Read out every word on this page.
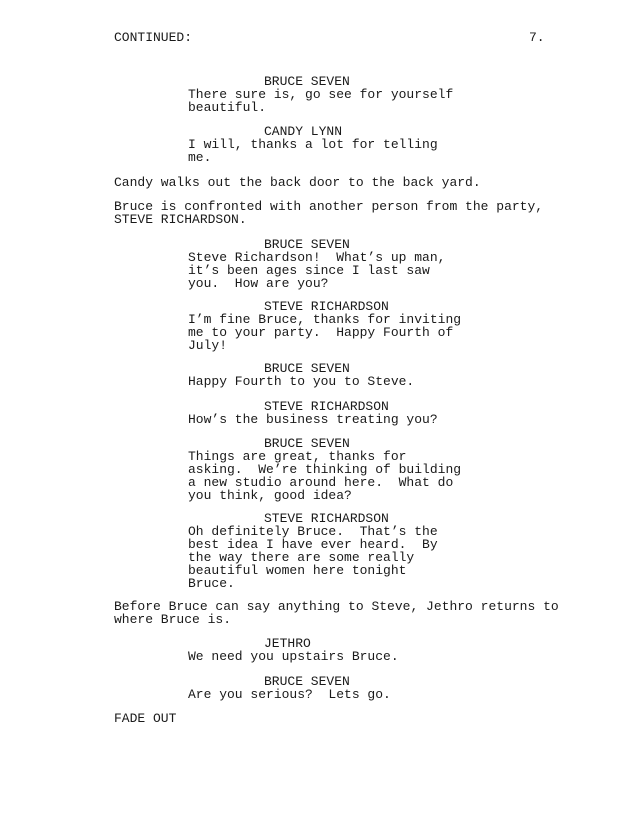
CONTINUED:	7.
BRUCE SEVEN
There sure is, go see for yourself
beautiful.
CANDY LYNN
I will, thanks a lot for telling
me.
Candy walks out the back door to the back yard.
Bruce is confronted with another person from the party,
STEVE RICHARDSON.
BRUCE SEVEN
Steve Richardson!  What’s up man,
it’s been ages since I last saw
you.  How are you?
STEVE RICHARDSON
I’m fine Bruce, thanks for inviting
me to your party.  Happy Fourth of
July!
BRUCE SEVEN
Happy Fourth to you to Steve.
STEVE RICHARDSON
How’s the business treating you?
BRUCE SEVEN
Things are great, thanks for
asking.  We’re thinking of building
a new studio around here.  What do
you think, good idea?
STEVE RICHARDSON
Oh definitely Bruce.  That’s the
best idea I have ever heard.  By
the way there are some really
beautiful women here tonight
Bruce.
Before Bruce can say anything to Steve, Jethro returns to
where Bruce is.
JETHRO
We need you upstairs Bruce.
BRUCE SEVEN
Are you serious?  Lets go.
FADE OUT
